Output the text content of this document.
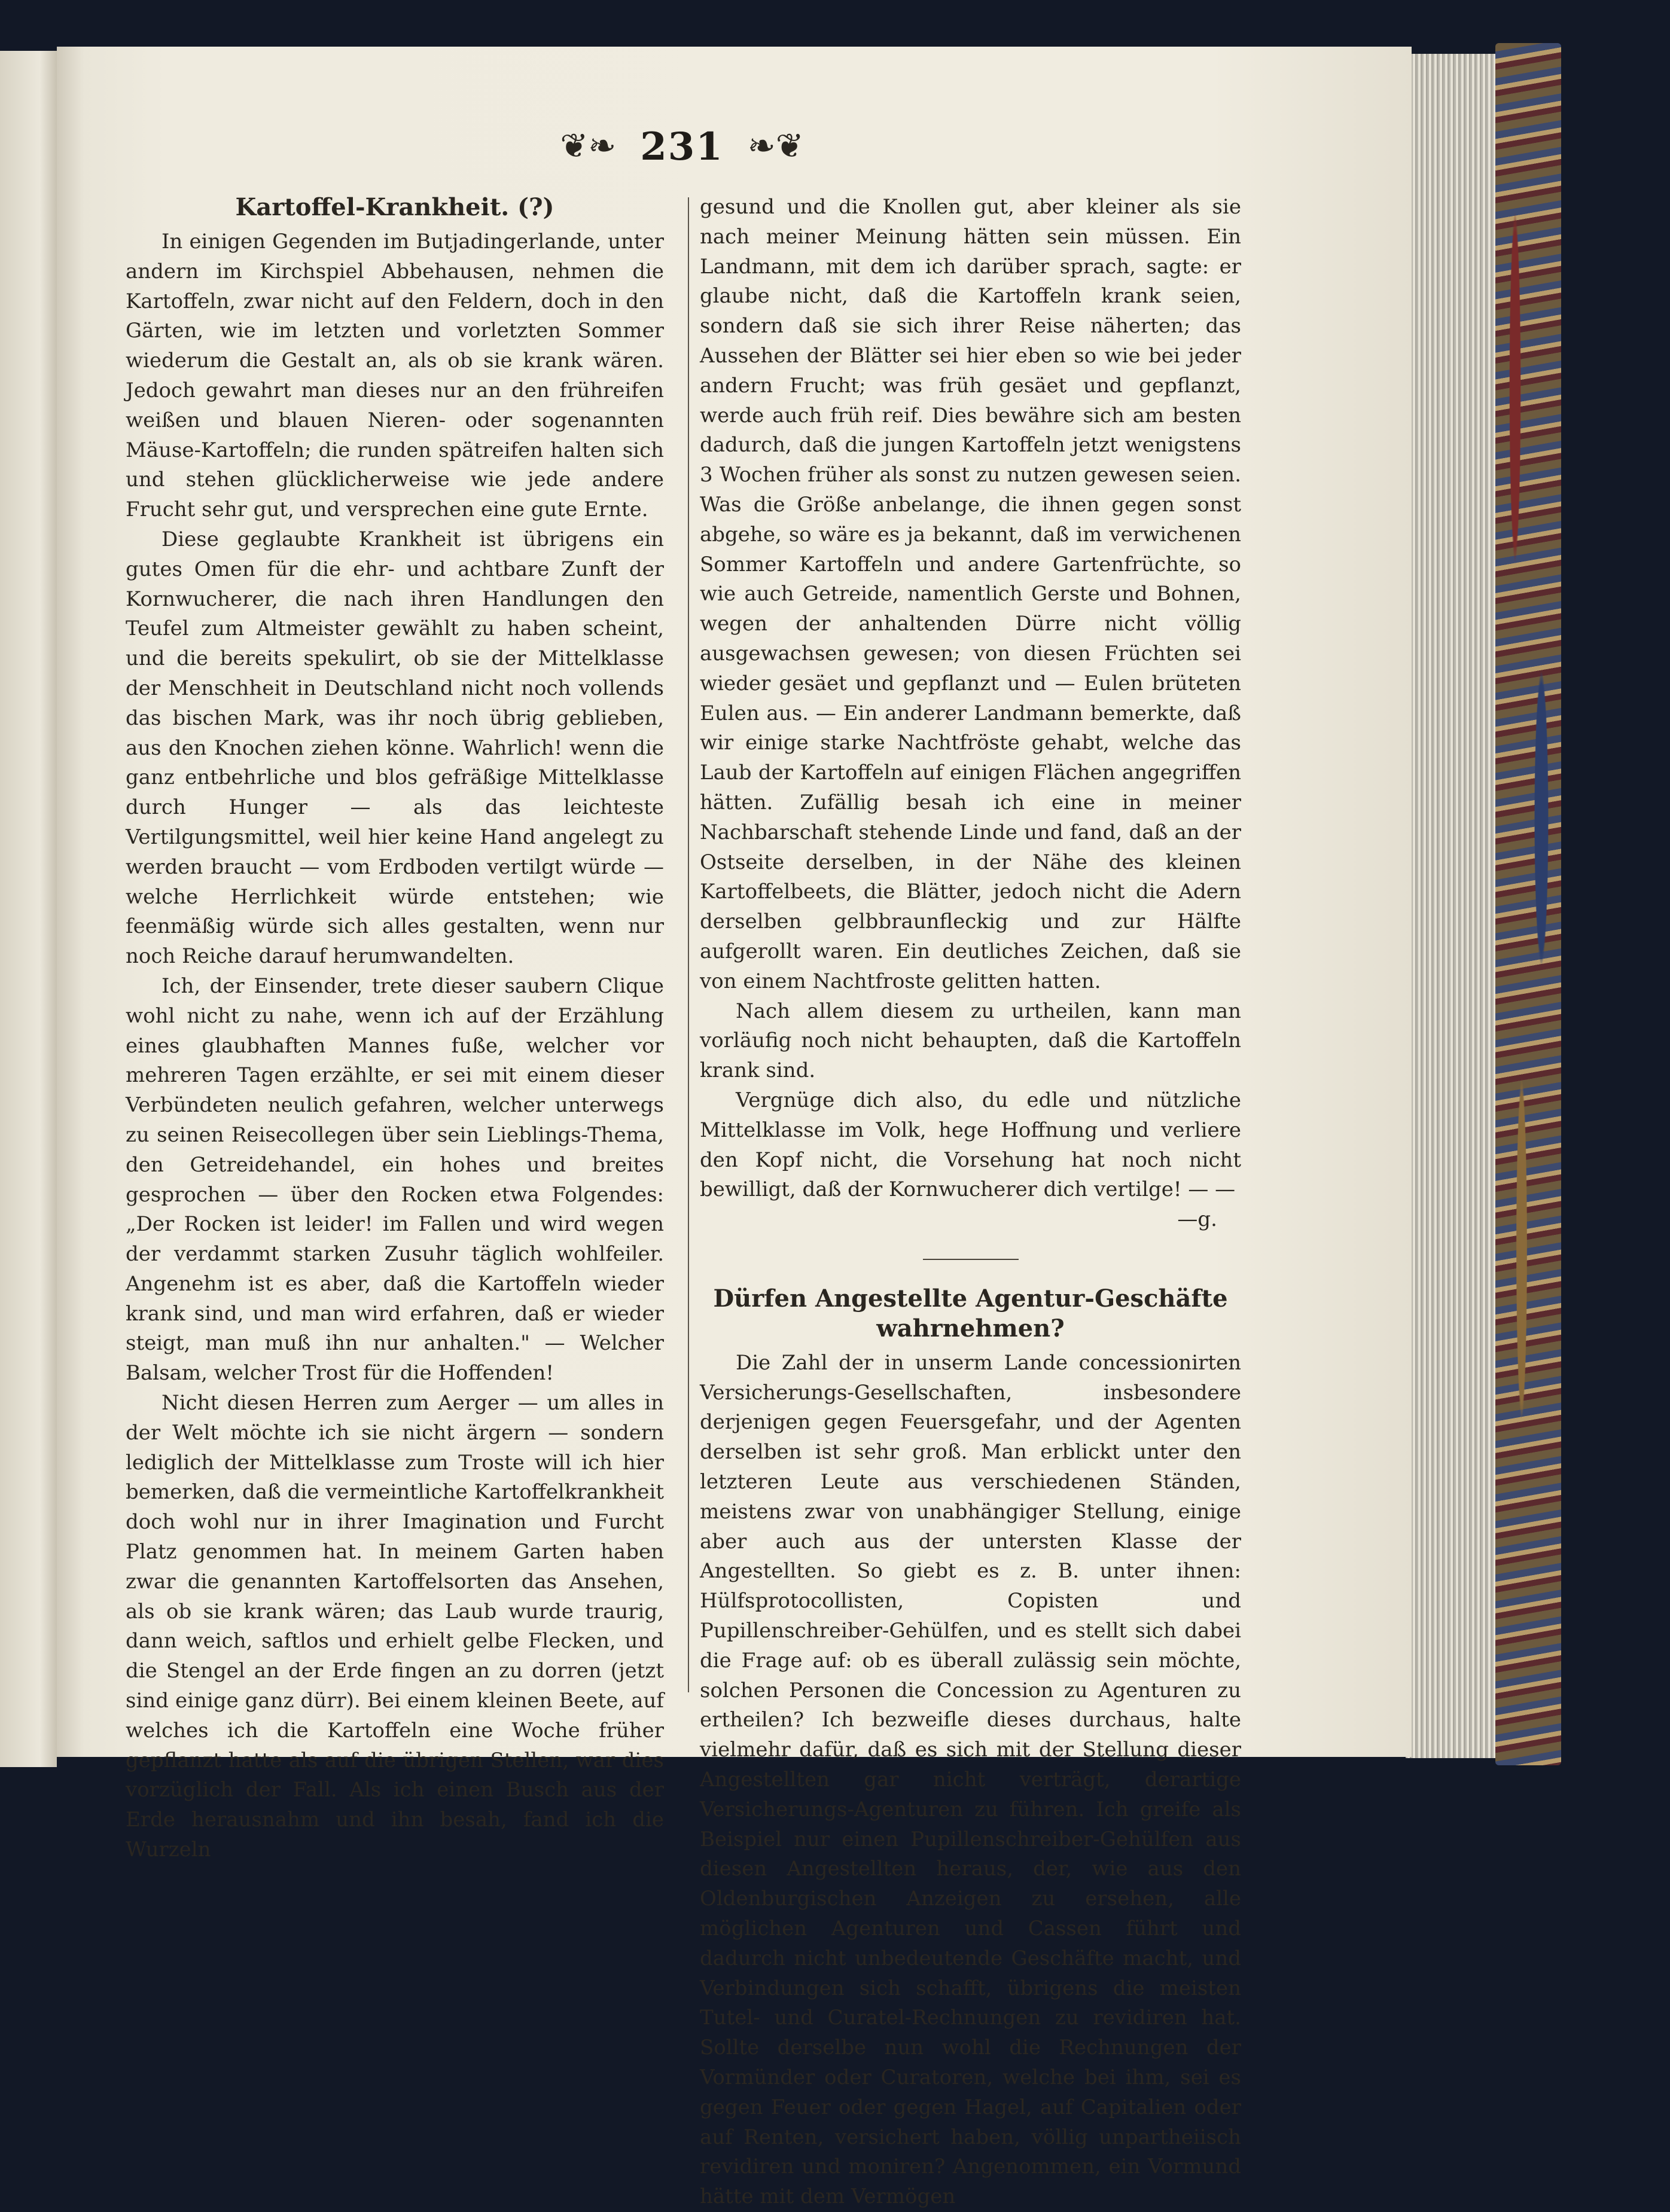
❦❧ 231 ❧❦
Kartoffel-Krankheit. (?)

In einigen Gegenden im Butjadingerlande, unter andern im Kirchspiel Abbehausen, nehmen die Kartoffeln, zwar nicht auf den Feldern, doch in den Gärten, wie im letzten und vorletzten Sommer wiederum die Gestalt an, als ob sie krank wären. Jedoch gewahrt man dieses nur an den frühreifen weißen und blauen Nieren- oder sogenannten Mäuse-Kartoffeln; die runden spätreifen halten sich und stehen glücklicherweise wie jede andere Frucht sehr gut, und versprechen eine gute Ernte.

Diese geglaubte Krankheit ist übrigens ein gutes Omen für die ehr- und achtbare Zunft der Kornwucherer, die nach ihren Handlungen den Teufel zum Altmeister gewählt zu haben scheint, und die bereits spekulirt, ob sie der Mittelklasse der Menschheit in Deutschland nicht noch vollends das bischen Mark, was ihr noch übrig geblieben, aus den Knochen ziehen könne. Wahrlich! wenn die ganz entbehrliche und blos gefräßige Mittelklasse durch Hunger — als das leichteste Vertilgungsmittel, weil hier keine Hand angelegt zu werden braucht — vom Erdboden vertilgt würde — welche Herrlichkeit würde entstehen; wie feenmäßig würde sich alles gestalten, wenn nur noch Reiche darauf herumwandelten.

Ich, der Einsender, trete dieser saubern Clique wohl nicht zu nahe, wenn ich auf der Erzählung eines glaubhaften Mannes fuße, welcher vor mehreren Tagen erzählte, er sei mit einem dieser Verbündeten neulich gefahren, welcher unterwegs zu seinen Reisecollegen über sein Lieblings-Thema, den Getreidehandel, ein hohes und breites gesprochen — über den Rocken etwa Folgendes: „Der Rocken ist leider! im Fallen und wird wegen der verdammt starken Zusuhr täglich wohlfeiler. Angenehm ist es aber, daß die Kartoffeln wieder krank sind, und man wird erfahren, daß er wieder steigt, man muß ihn nur anhalten." — Welcher Balsam, welcher Trost für die Hoffenden!

Nicht diesen Herren zum Aerger — um alles in der Welt möchte ich sie nicht ärgern — sondern lediglich der Mittelklasse zum Troste will ich hier bemerken, daß die vermeintliche Kartoffelkrankheit doch wohl nur in ihrer Imagination und Furcht Platz genommen hat. In meinem Garten haben zwar die genannten Kartoffelsorten das Ansehen, als ob sie krank wären; das Laub wurde traurig, dann weich, saftlos und erhielt gelbe Flecken, und die Stengel an der Erde fingen an zu dorren (jetzt sind einige ganz dürr). Bei einem kleinen Beete, auf welches ich die Kartoffeln eine Woche früher gepflanzt hatte als auf die übrigen Stellen, war dies vorzüglich der Fall. Als ich einen Busch aus der Erde herausnahm und ihn besah, fand ich die Wurzeln

gesund und die Knollen gut, aber kleiner als sie nach meiner Meinung hätten sein müssen. Ein Landmann, mit dem ich darüber sprach, sagte: er glaube nicht, daß die Kartoffeln krank seien, sondern daß sie sich ihrer Reise näherten; das Aussehen der Blätter sei hier eben so wie bei jeder andern Frucht; was früh gesäet und gepflanzt, werde auch früh reif. Dies bewähre sich am besten dadurch, daß die jungen Kartoffeln jetzt wenigstens 3 Wochen früher als sonst zu nutzen gewesen seien. Was die Größe anbelange, die ihnen gegen sonst abgehe, so wäre es ja bekannt, daß im verwichenen Sommer Kartoffeln und andere Gartenfrüchte, so wie auch Getreide, namentlich Gerste und Bohnen, wegen der anhaltenden Dürre nicht völlig ausgewachsen gewesen; von diesen Früchten sei wieder gesäet und gepflanzt und — Eulen brüteten Eulen aus. — Ein anderer Landmann bemerkte, daß wir einige starke Nachtfröste gehabt, welche das Laub der Kartoffeln auf einigen Flächen angegriffen hätten. Zufällig besah ich eine in meiner Nachbarschaft stehende Linde und fand, daß an der Ostseite derselben, in der Nähe des kleinen Kartoffelbeets, die Blätter, jedoch nicht die Adern derselben gelbbraunfleckig und zur Hälfte aufgerollt waren. Ein deutliches Zeichen, daß sie von einem Nachtfroste gelitten hatten.

Nach allem diesem zu urtheilen, kann man vorläufig noch nicht behaupten, daß die Kartoffeln krank sind.

Vergnüge dich also, du edle und nützliche Mittelklasse im Volk, hege Hoffnung und verliere den Kopf nicht, die Vorsehung hat noch nicht bewilligt, daß der Kornwucherer dich vertilge! — —

—g.

Dürfen Angestellte Agentur-Geschäfte wahrnehmen?

Die Zahl der in unserm Lande concessionirten Versicherungs-Gesellschaften, insbesondere derjenigen gegen Feuersgefahr, und der Agenten derselben ist sehr groß. Man erblickt unter den letzteren Leute aus verschiedenen Ständen, meistens zwar von unabhängiger Stellung, einige aber auch aus der untersten Klasse der Angestellten. So giebt es z. B. unter ihnen: Hülfsprotocollisten, Copisten und Pupillenschreiber-Gehülfen, und es stellt sich dabei die Frage auf: ob es überall zulässig sein möchte, solchen Personen die Concession zu Agenturen zu ertheilen? Ich bezweifle dieses durchaus, halte vielmehr dafür, daß es sich mit der Stellung dieser Angestellten gar nicht verträgt, derartige Versicherungs-Agenturen zu führen. Ich greife als Beispiel nur einen Pupillenschreiber-Gehülfen aus diesen Angestellten heraus, der, wie aus den Oldenburgischen Anzeigen zu ersehen, alle möglichen Agenturen und Cassen führt und dadurch nicht unbedeutende Geschäfte macht, und Verbindungen sich schafft, übrigens die meisten Tutel- und Curatel-Rechnungen zu revidiren hat. Sollte derselbe nun wohl die Rechnungen der Vormünder oder Curatoren, welche bei ihm, sei es gegen Feuer oder gegen Hagel, auf Capitalien oder auf Renten, versichert haben, völlig unpartheiisch revidiren und moniren? Angenommen, ein Vormund hätte mit dem Vermögen
